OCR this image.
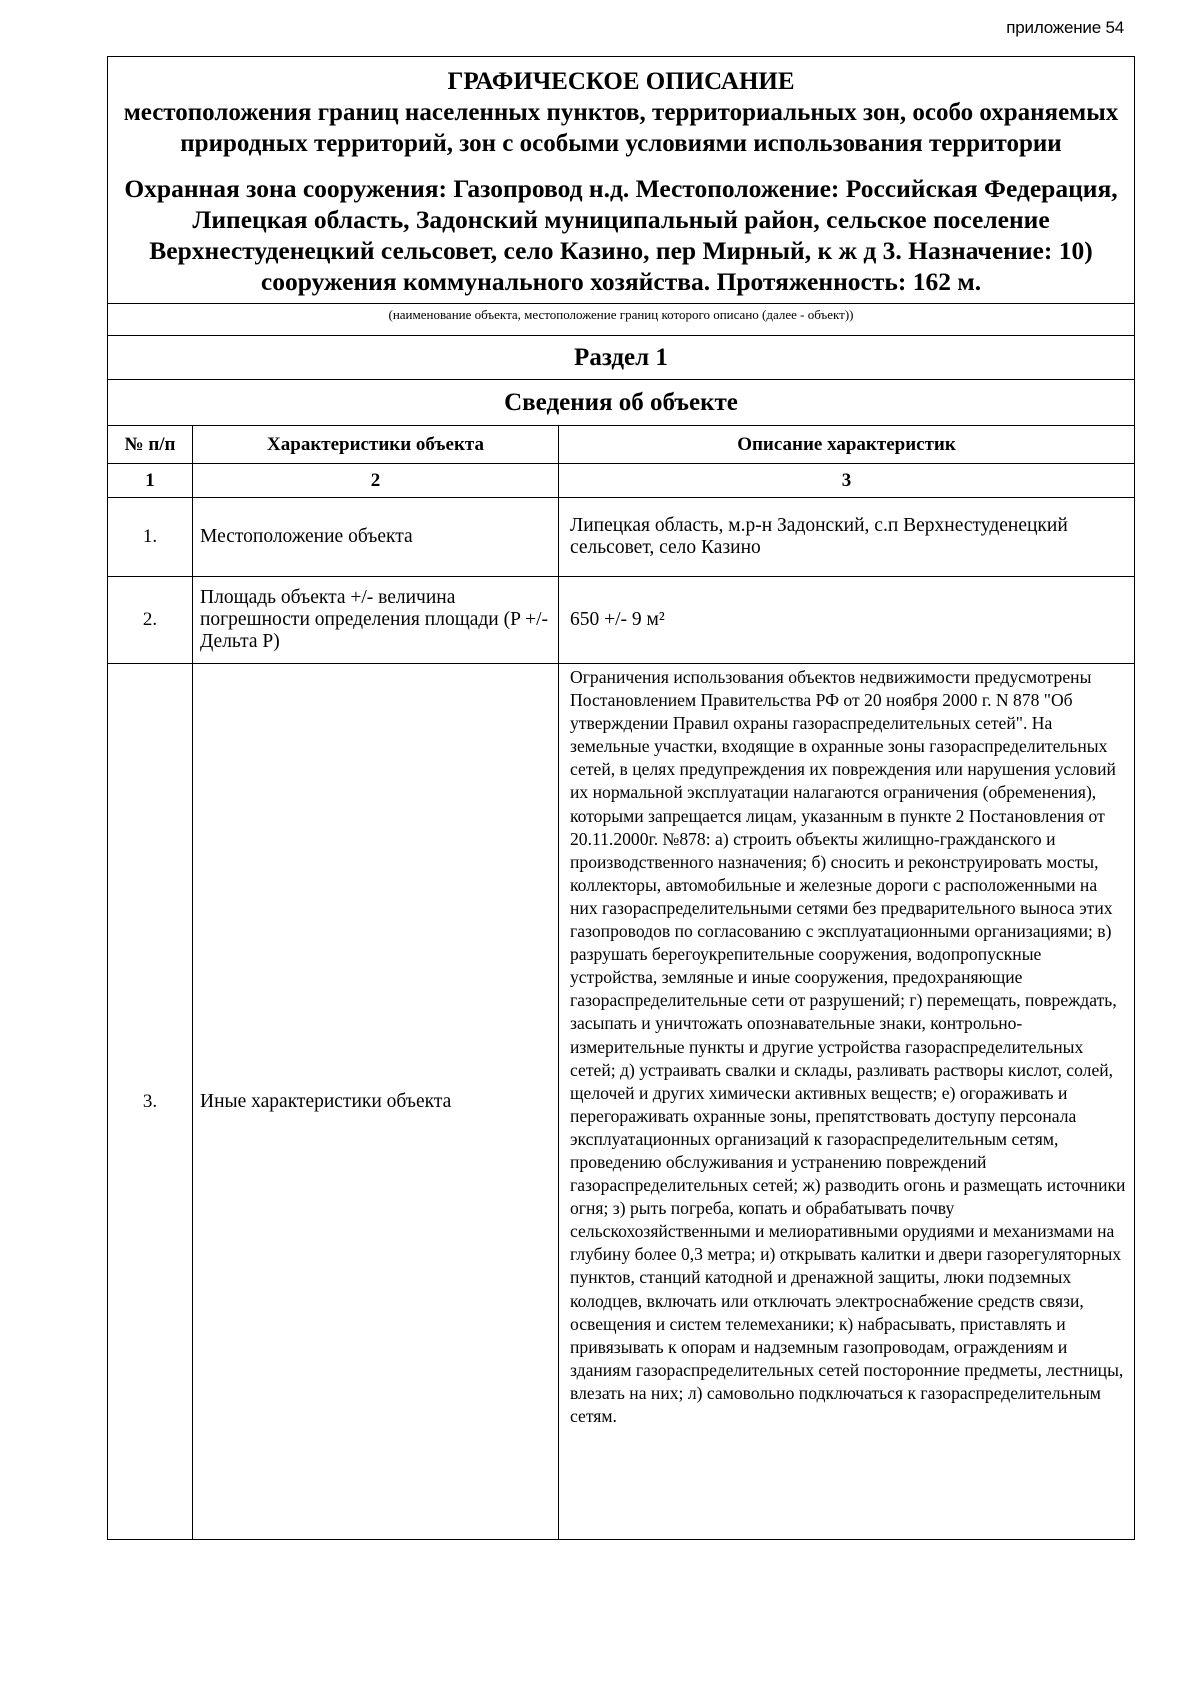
приложение 54
ГРАФИЧЕСКОЕ ОПИСАНИЕ
местоположения границ населенных пунктов, территориальных зон, особо охраняемых природных территорий, зон с особыми условиями использования территории
Охранная зона сооружения: Газопровод н.д. Местоположение: Российская Федерация, Липецкая область, Задонский муниципальный район, сельское поселение Верхнестуденецкий сельсовет, село Казино, пер Мирный, к ж д 3. Назначение: 10) сооружения коммунального хозяйства. Протяженность: 162 м.
(наименование объекта, местоположение границ которого описано (далее - объект))
Раздел 1
Сведения об объекте
№ п/п	Характеристики объекта	Описание характеристик
1	2	3
1.	Местоположение объекта	Липецкая область, м.р-н Задонский, с.п Верхнестуденецкий сельсовет, село Казино
2.	Площадь объекта +/- величина погрешности определения площади (P +/- Дельта P)	650 +/- 9 м²
3.	Иные характеристики объекта	Ограничения использования объектов недвижимости предусмотрены Постановлением Правительства РФ от 20 ноября 2000 г. N 878 "Об утверждении Правил охраны газораспределительных сетей". На земельные участки, входящие в охранные зоны газораспределительных сетей, в целях предупреждения их повреждения или нарушения условий их нормальной эксплуатации налагаются ограничения (обременения), которыми запрещается лицам, указанным в пункте 2 Постановления от 20.11.2000г. №878: а) строить объекты жилищно-гражданского и производственного назначения; б) сносить и реконструировать мосты, коллекторы, автомобильные и железные дороги с расположенными на них газораспределительными сетями без предварительного выноса этих газопроводов по согласованию с эксплуатационными организациями; в) разрушать берегоукрепительные сооружения, водопропускные устройства, земляные и иные сооружения, предохраняющие газораспределительные сети от разрушений; г) перемещать, повреждать, засыпать и уничтожать опознавательные знаки, контрольно-измерительные пункты и другие устройства газораспределительных сетей; д) устраивать свалки и склады, разливать растворы кислот, солей, щелочей и других химически активных веществ; е) огораживать и перегораживать охранные зоны, препятствовать доступу персонала эксплуатационных организаций к газораспределительным сетям, проведению обслуживания и устранению повреждений газораспределительных сетей; ж) разводить огонь и размещать источники огня; з) рыть погреба, копать и обрабатывать почву сельскохозяйственными и мелиоративными орудиями и механизмами на глубину более 0,3 метра; и) открывать калитки и двери газорегуляторных пунктов, станций катодной и дренажной защиты, люки подземных колодцев, включать или отключать электроснабжение средств связи, освещения и систем телемеханики; к) набрасывать, приставлять и привязывать к опорам и надземным газопроводам, ограждениям и зданиям газораспределительных сетей посторонние предметы, лестницы, влезать на них; л) самовольно подключаться к газораспределительным сетям.
